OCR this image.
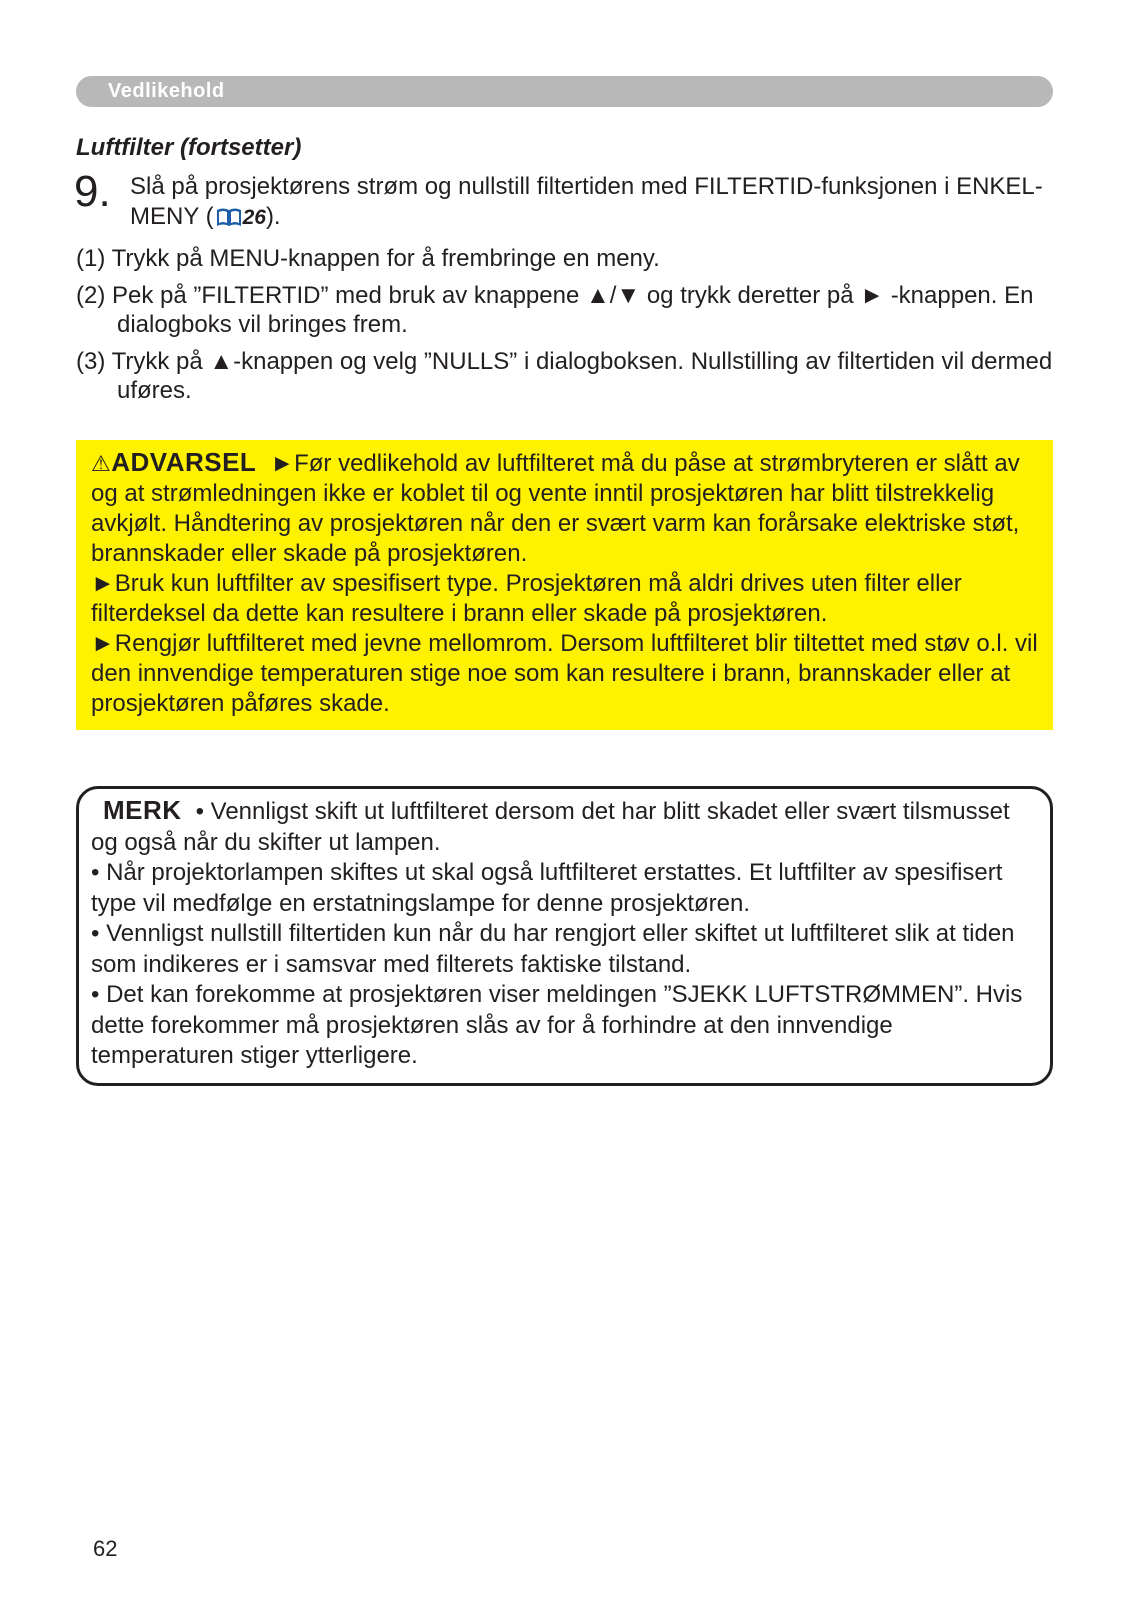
Vedlikehold
Luftfilter (fortsetter)
9. Slå på prosjektørens strøm og nullstill filtertiden med FILTERTID-funksjonen i ENKEL-MENY ( 26).
(1) Trykk på MENU-knappen for å frembringe en meny.
(2) Pek på ”FILTERTID” med bruk av knappene ▲/▼ og trykk deretter på ► -knappen. En dialogboks vil bringes frem.
(3) Trykk på ▲-knappen og velg ”NULLS” i dialogboksen. Nullstilling av filtertiden vil dermed uføres.
⚠ADVARSEL ►Før vedlikehold av luftfilteret må du påse at strømbryteren er slått av og at strømledningen ikke er koblet til og vente inntil prosjektøren har blitt tilstrekkelig avkjølt. Håndtering av prosjektøren når den er svært varm kan forårsake elektriske støt, brannskader eller skade på prosjektøren.
►Bruk kun luftfilter av spesifisert type. Prosjektøren må aldri drives uten filter eller filterdeksel da dette kan resultere i brann eller skade på prosjektøren.
►Rengjør luftfilteret med jevne mellomrom. Dersom luftfilteret blir tiltettet med støv o.l. vil den innvendige temperaturen stige noe som kan resultere i brann, brannskader eller at prosjektøren påføres skade.
MERK • Vennligst skift ut luftfilteret dersom det har blitt skadet eller svært tilsmusset og også når du skifter ut lampen.
• Når projektorlampen skiftes ut skal også luftfilteret erstattes. Et luftfilter av spesifisert type vil medfølge en erstatningslampe for denne prosjektøren.
• Vennligst nullstill filtertiden kun når du har rengjort eller skiftet ut luftfilteret slik at tiden som indikeres er i samsvar med filterets faktiske tilstand.
• Det kan forekomme at prosjektøren viser meldingen ”SJEKK LUFTSTRØMMEN”. Hvis dette forekommer må prosjektøren slås av for å forhindre at den innvendige temperaturen stiger ytterligere.
62
